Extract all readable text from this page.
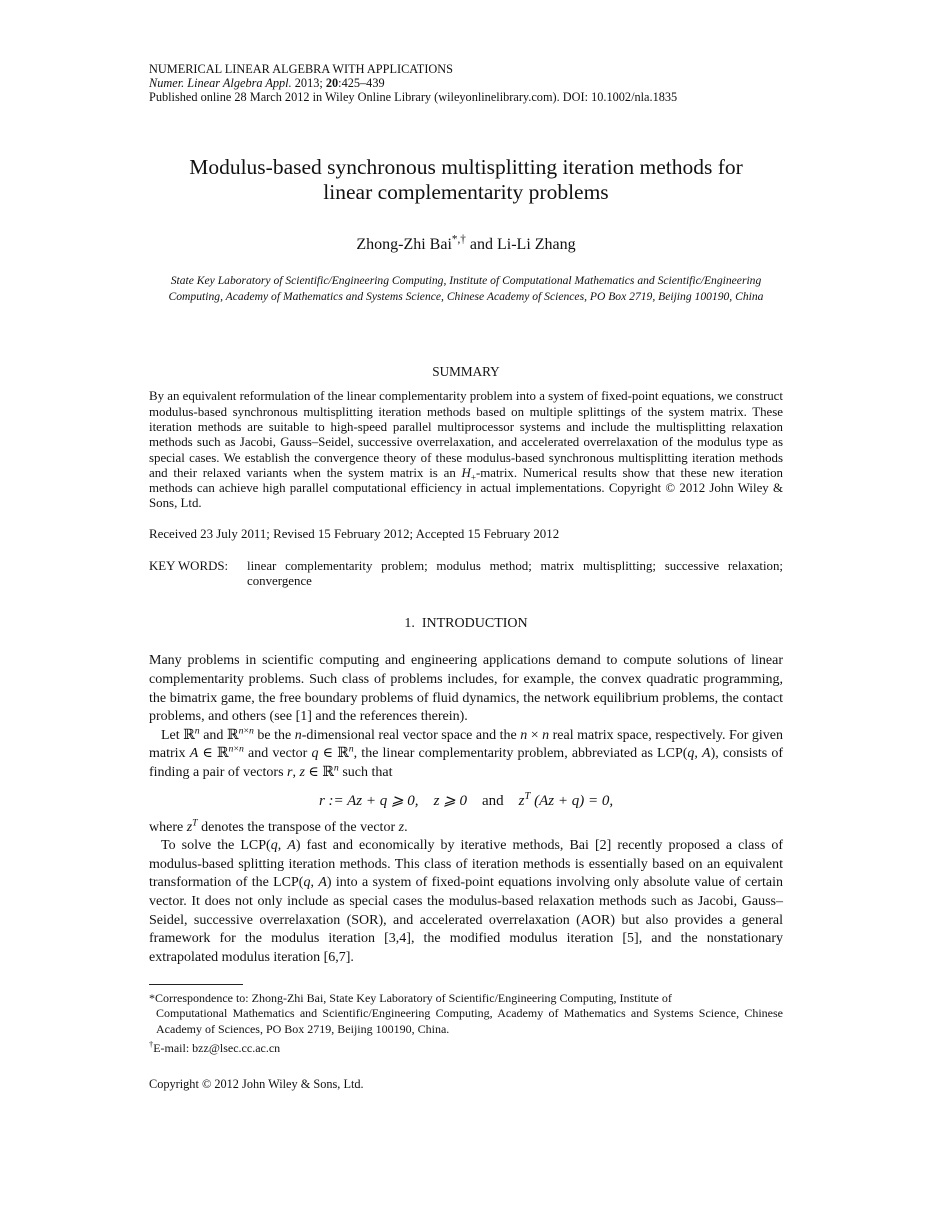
NUMERICAL LINEAR ALGEBRA WITH APPLICATIONS
Numer. Linear Algebra Appl. 2013; 20:425–439
Published online 28 March 2012 in Wiley Online Library (wileyonlinelibrary.com). DOI: 10.1002/nla.1835
Modulus-based synchronous multisplitting iteration methods for
linear complementarity problems
Zhong-Zhi Bai*,† and Li-Li Zhang
State Key Laboratory of Scientific/Engineering Computing, Institute of Computational Mathematics and Scientific/Engineering Computing, Academy of Mathematics and Systems Science, Chinese Academy of Sciences, PO Box 2719, Beijing 100190, China
SUMMARY
By an equivalent reformulation of the linear complementarity problem into a system of fixed-point equations, we construct modulus-based synchronous multisplitting iteration methods based on multiple splittings of the system matrix. These iteration methods are suitable to high-speed parallel multiprocessor systems and include the multisplitting relaxation methods such as Jacobi, Gauss–Seidel, successive overrelaxation, and accelerated overrelaxation of the modulus type as special cases. We establish the convergence theory of these modulus-based synchronous multisplitting iteration methods and their relaxed variants when the system matrix is an $H_+$-matrix. Numerical results show that these new iteration methods can achieve high parallel computational efficiency in actual implementations. Copyright © 2012 John Wiley & Sons, Ltd.
Received 23 July 2011; Revised 15 February 2012; Accepted 15 February 2012
KEY WORDS:	linear complementarity problem; modulus method; matrix multisplitting; successive relaxation; convergence
1. INTRODUCTION
Many problems in scientific computing and engineering applications demand to compute solutions of linear complementarity problems. Such class of problems includes, for example, the convex quadratic programming, the bimatrix game, the free boundary problems of fluid dynamics, the network equilibrium problems, the contact problems, and others (see [1] and the references therein).
Let ℝ$^n$ and ℝ$^{n\times n}$ be the n-dimensional real vector space and the n × n real matrix space, respectively. For given matrix A ∈ ℝ$^{n\times n}$ and vector q ∈ ℝ$^n$, the linear complementarity problem, abbreviated as LCP(q, A), consists of finding a pair of vectors r, z ∈ ℝ$^n$ such that
r := Az + q ⩾ 0, z ⩾ 0 and $z^T$ (Az + q) = 0,
where $z^T$ denotes the transpose of the vector z.
To solve the LCP(q, A) fast and economically by iterative methods, Bai [2] recently proposed a class of modulus-based splitting iteration methods. This class of iteration methods is essentially based on an equivalent transformation of the LCP(q, A) into a system of fixed-point equations involving only absolute value of certain vector. It does not only include as special cases the modulus-based relaxation methods such as Jacobi, Gauss–Seidel, successive overrelaxation (SOR), and accelerated overrelaxation (AOR) but also provides a general framework for the modulus iteration [3,4], the modified modulus iteration [5], and the nonstationary extrapolated modulus iteration [6,7].
*Correspondence to: Zhong-Zhi Bai, State Key Laboratory of Scientific/Engineering Computing, Institute of
Computational Mathematics and Scientific/Engineering Computing, Academy of Mathematics and Systems Science, Chinese Academy of Sciences, PO Box 2719, Beijing 100190, China.
†E-mail: bzz@lsec.cc.ac.cn
Copyright © 2012 John Wiley & Sons, Ltd.
